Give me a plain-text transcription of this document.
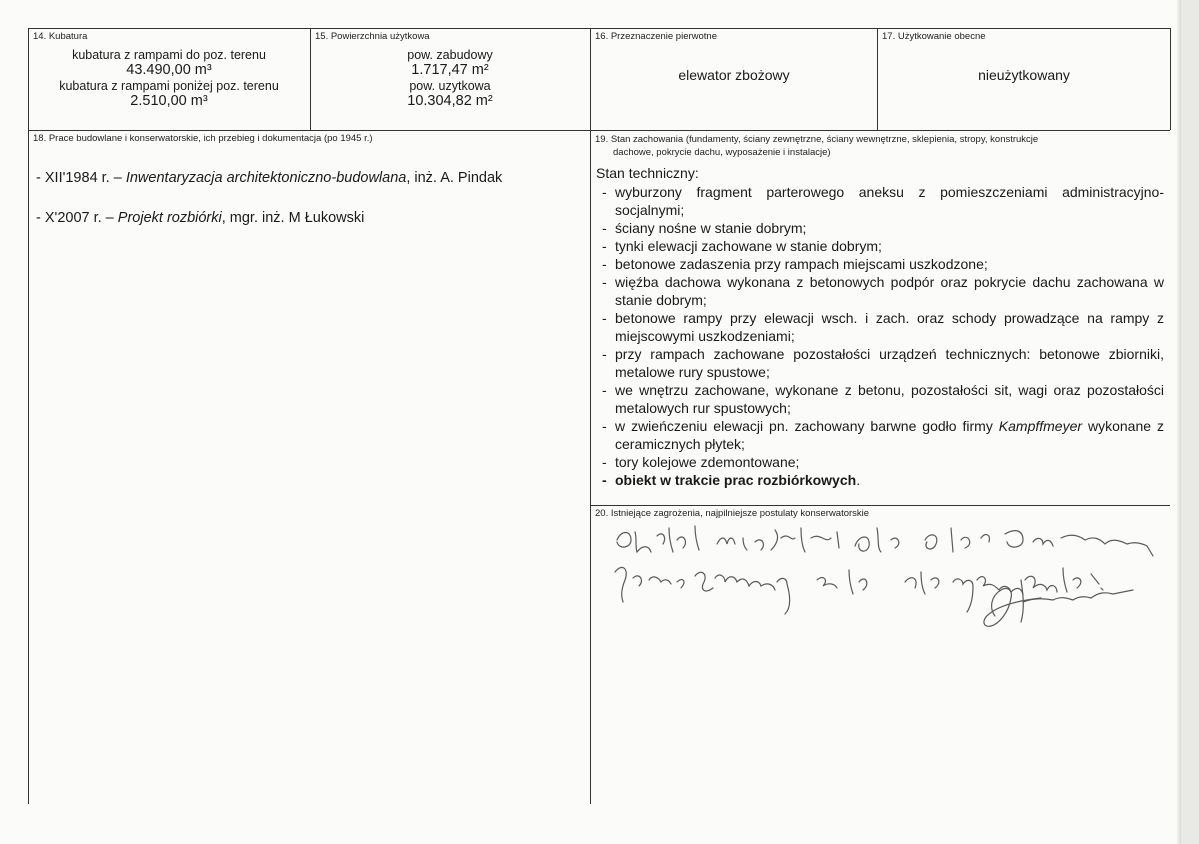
14. Kubatura
kubatura z rampami do poz. terenu
43.490,00 m³
kubatura z rampami poniżej poz. terenu
2.510,00 m³
15. Powierzchnia użytkowa
pow. zabudowy
1.717,47 m²
pow. uzytkowa
10.304,82 m²
16. Przeznaczenie pierwotne
elewator zbożowy
17. Użytkowanie obecne
nieużytkowany
18. Prace budowlane i konserwatorskie, ich przebieg i dokumentacja (po 1945 r.)
- XII'1984 r. – Inwentaryzacja architektoniczno-budowlana, inż. A. Pindak
- X'2007 r. – Projekt rozbiórki, mgr. inż. M Łukowski
19. Stan zachowania (fundamenty, ściany zewnętrzne, ściany wewnętrzne, sklepienia, stropy, konstrukcje
dachowe, pokrycie dachu, wyposażenie i instalacje)
Stan techniczny:
- wyburzony fragment parterowego aneksu z pomieszczeniami administracyjno-socjalnymi;
- ściany nośne w stanie dobrym;
- tynki elewacji zachowane w stanie dobrym;
- betonowe zadaszenia przy rampach miejscami uszkodzone;
- więźba dachowa wykonana z betonowych podpór oraz pokrycie dachu zachowana w stanie dobrym;
- betonowe rampy przy elewacji wsch. i zach. oraz schody prowadzące na rampy z miejscowymi uszkodzeniami;
- przy rampach zachowane pozostałości urządzeń technicznych: betonowe zbiorniki, metalowe rury spustowe;
- we wnętrzu zachowane, wykonane z betonu, pozostałości sit, wagi oraz pozostałości metalowych rur spustowych;
- w zwieńczeniu elewacji pn. zachowany barwne godło firmy Kampffmeyer wykonane z ceramicznych płytek;
- tory kolejowe zdemontowane;
- obiekt w trakcie prac rozbiórkowych.
20. Istniejące zagrożenia, najpilniejsze postulaty konserwatorskie
